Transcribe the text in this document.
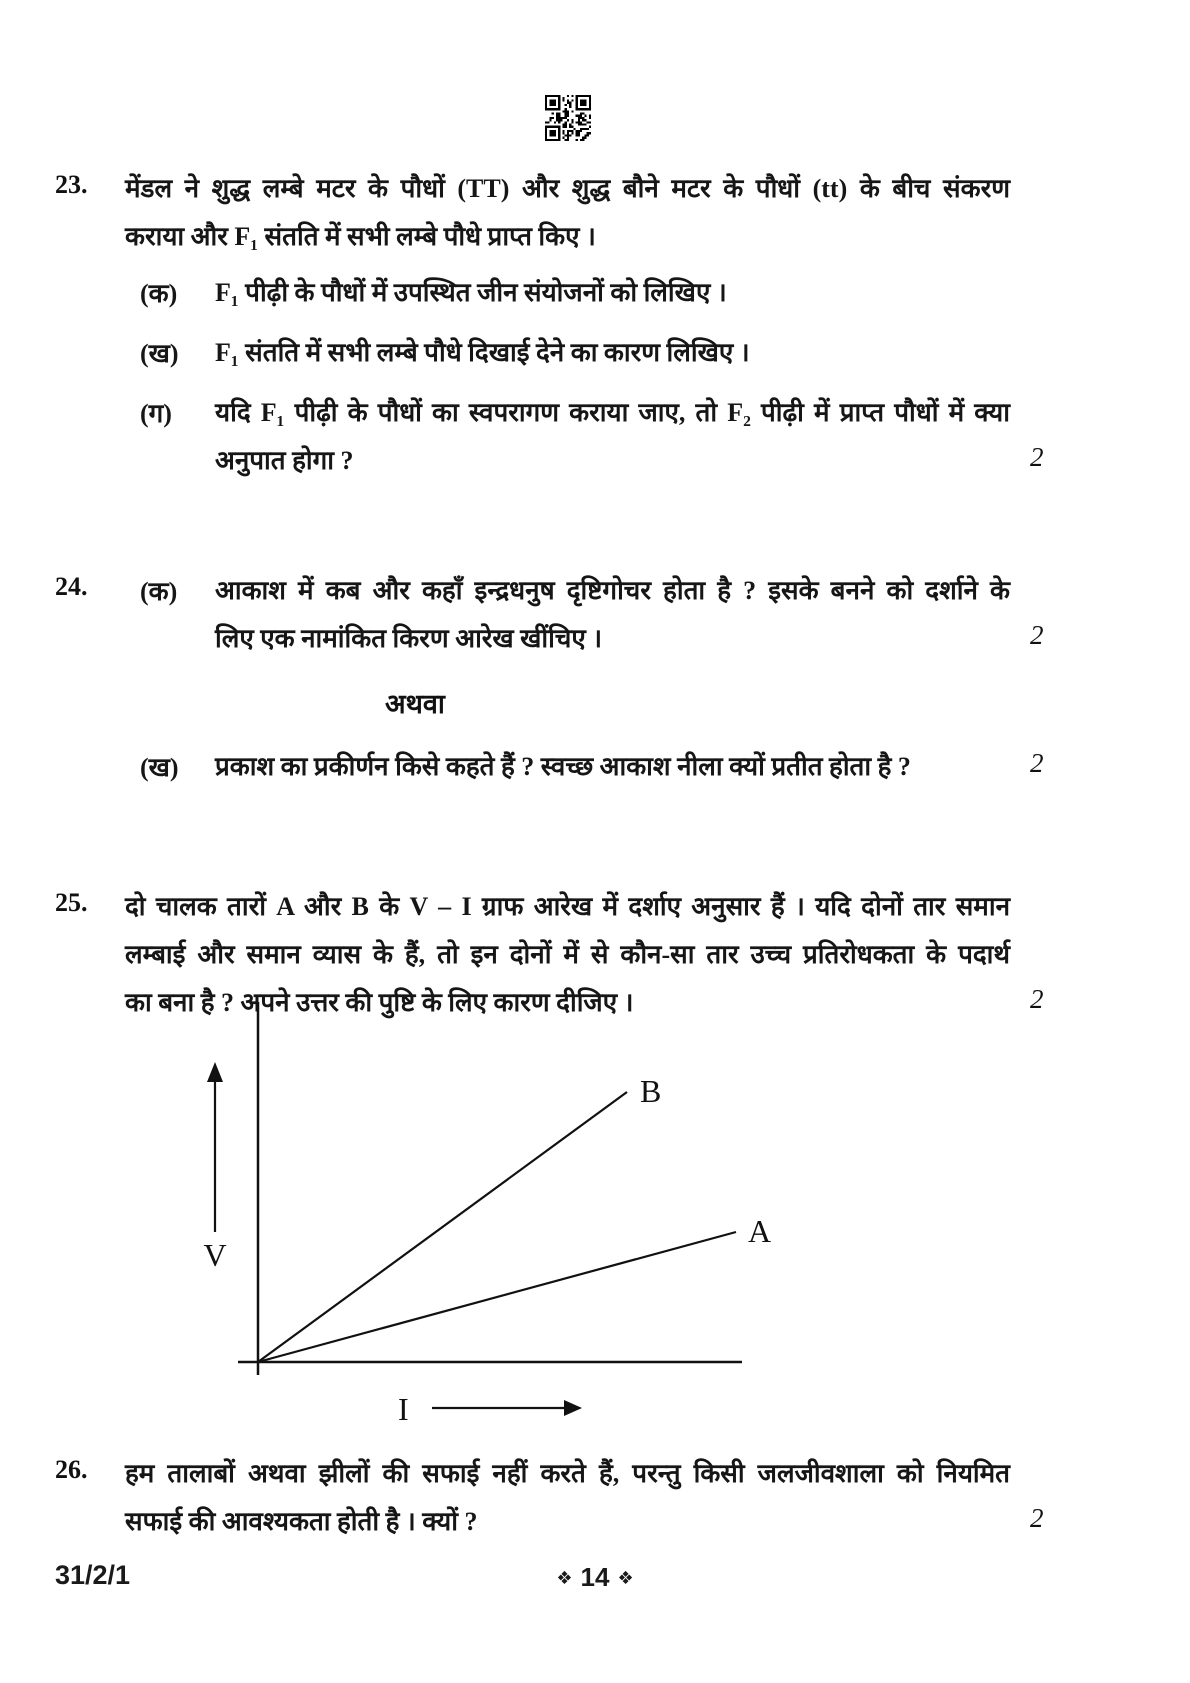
23. मेंडल ने शुद्ध लम्बे मटर के पौधों (TT) और शुद्ध बौने मटर के पौधों (tt) के बीच संकरण
कराया और F₁ संतति में सभी लम्बे पौधे प्राप्त किए ।
(क) F₁ पीढ़ी के पौधों में उपस्थित जीन संयोजनों को लिखिए ।
(ख) F₁ संतति में सभी लम्बे पौधे दिखाई देने का कारण लिखिए ।
(ग) यदि F₁ पीढ़ी के पौधों का स्वपरागण कराया जाए, तो F₂ पीढ़ी में प्राप्त पौधों में क्या
अनुपात होगा ?	2
24. (क) आकाश में कब और कहाँ इन्द्रधनुष दृष्टिगोचर होता है ? इसके बनने को दर्शाने के
लिए एक नामांकित किरण आरेख खींचिए ।	2
अथवा
(ख) प्रकाश का प्रकीर्णन किसे कहते हैं ? स्वच्छ आकाश नीला क्यों प्रतीत होता है ?	2
25. दो चालक तारों A और B के V – I ग्राफ आरेख में दर्शाए अनुसार हैं । यदि दोनों तार समान
लम्बाई और समान व्यास के हैं, तो इन दोनों में से कौन-सा तार उच्च प्रतिरोधकता के पदार्थ
का बना है ? अपने उत्तर की पुष्टि के लिए कारण दीजिए ।	2
B
A
V
I
26. हम तालाबों अथवा झीलों की सफाई नहीं करते हैं, परन्तु किसी जलजीवशाला को नियमित
सफाई की आवश्यकता होती है । क्यों ?	2
31/2/1	❖ 14 ❖
